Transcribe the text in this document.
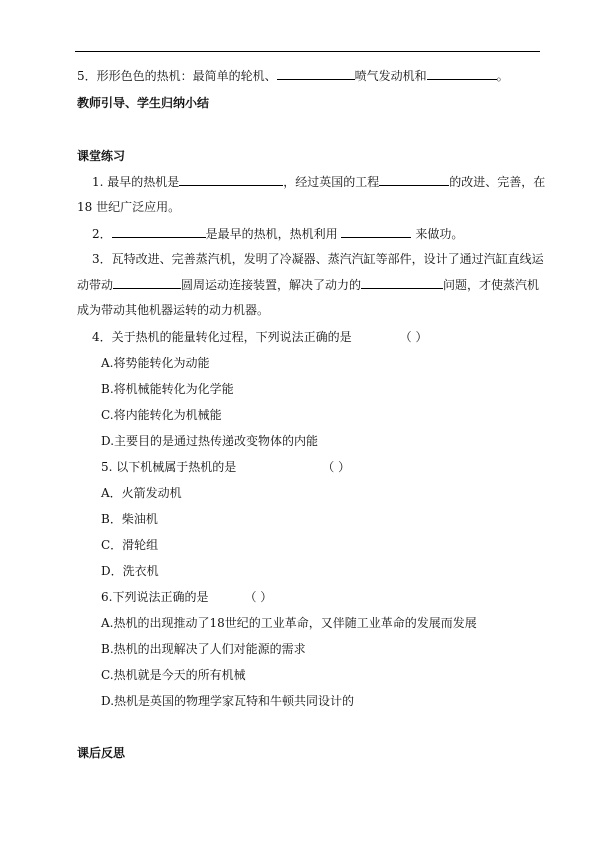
5．形形色色的热机：最简单的轮机、	喷气发动机和	。
教师引导、学生归纳小结
课堂练习
1. 最早的热机是	，经过英国的工程	的改进、完善，在
18 世纪广泛应用。
2．	是最早的热机，热机利用	来做功。
3．瓦特改进、完善蒸汽机，发明了冷凝器、蒸汽汽缸等部件，设计了通过汽缸直线运
动带动	圆周运动连接装置，解决了动力的	问题，才使蒸汽机
成为带动其他机器运转的动力机器。
4．关于热机的能量转化过程，下列说法正确的是	（ ）
A.将势能转化为动能
B.将机械能转化为化学能
C.将内能转化为机械能
D.主要目的是通过热传递改变物体的内能
5. 以下机械属于热机的是	（ ）
A．火箭发动机
B．柴油机
C．滑轮组
D．洗衣机
6.下列说法正确的是	（ ）
A.热机的出现推动了18世纪的工业革命，又伴随工业革命的发展而发展
B.热机的出现解决了人们对能源的需求
C.热机就是今天的所有机械
D.热机是英国的物理学家瓦特和牛顿共同设计的
课后反思
